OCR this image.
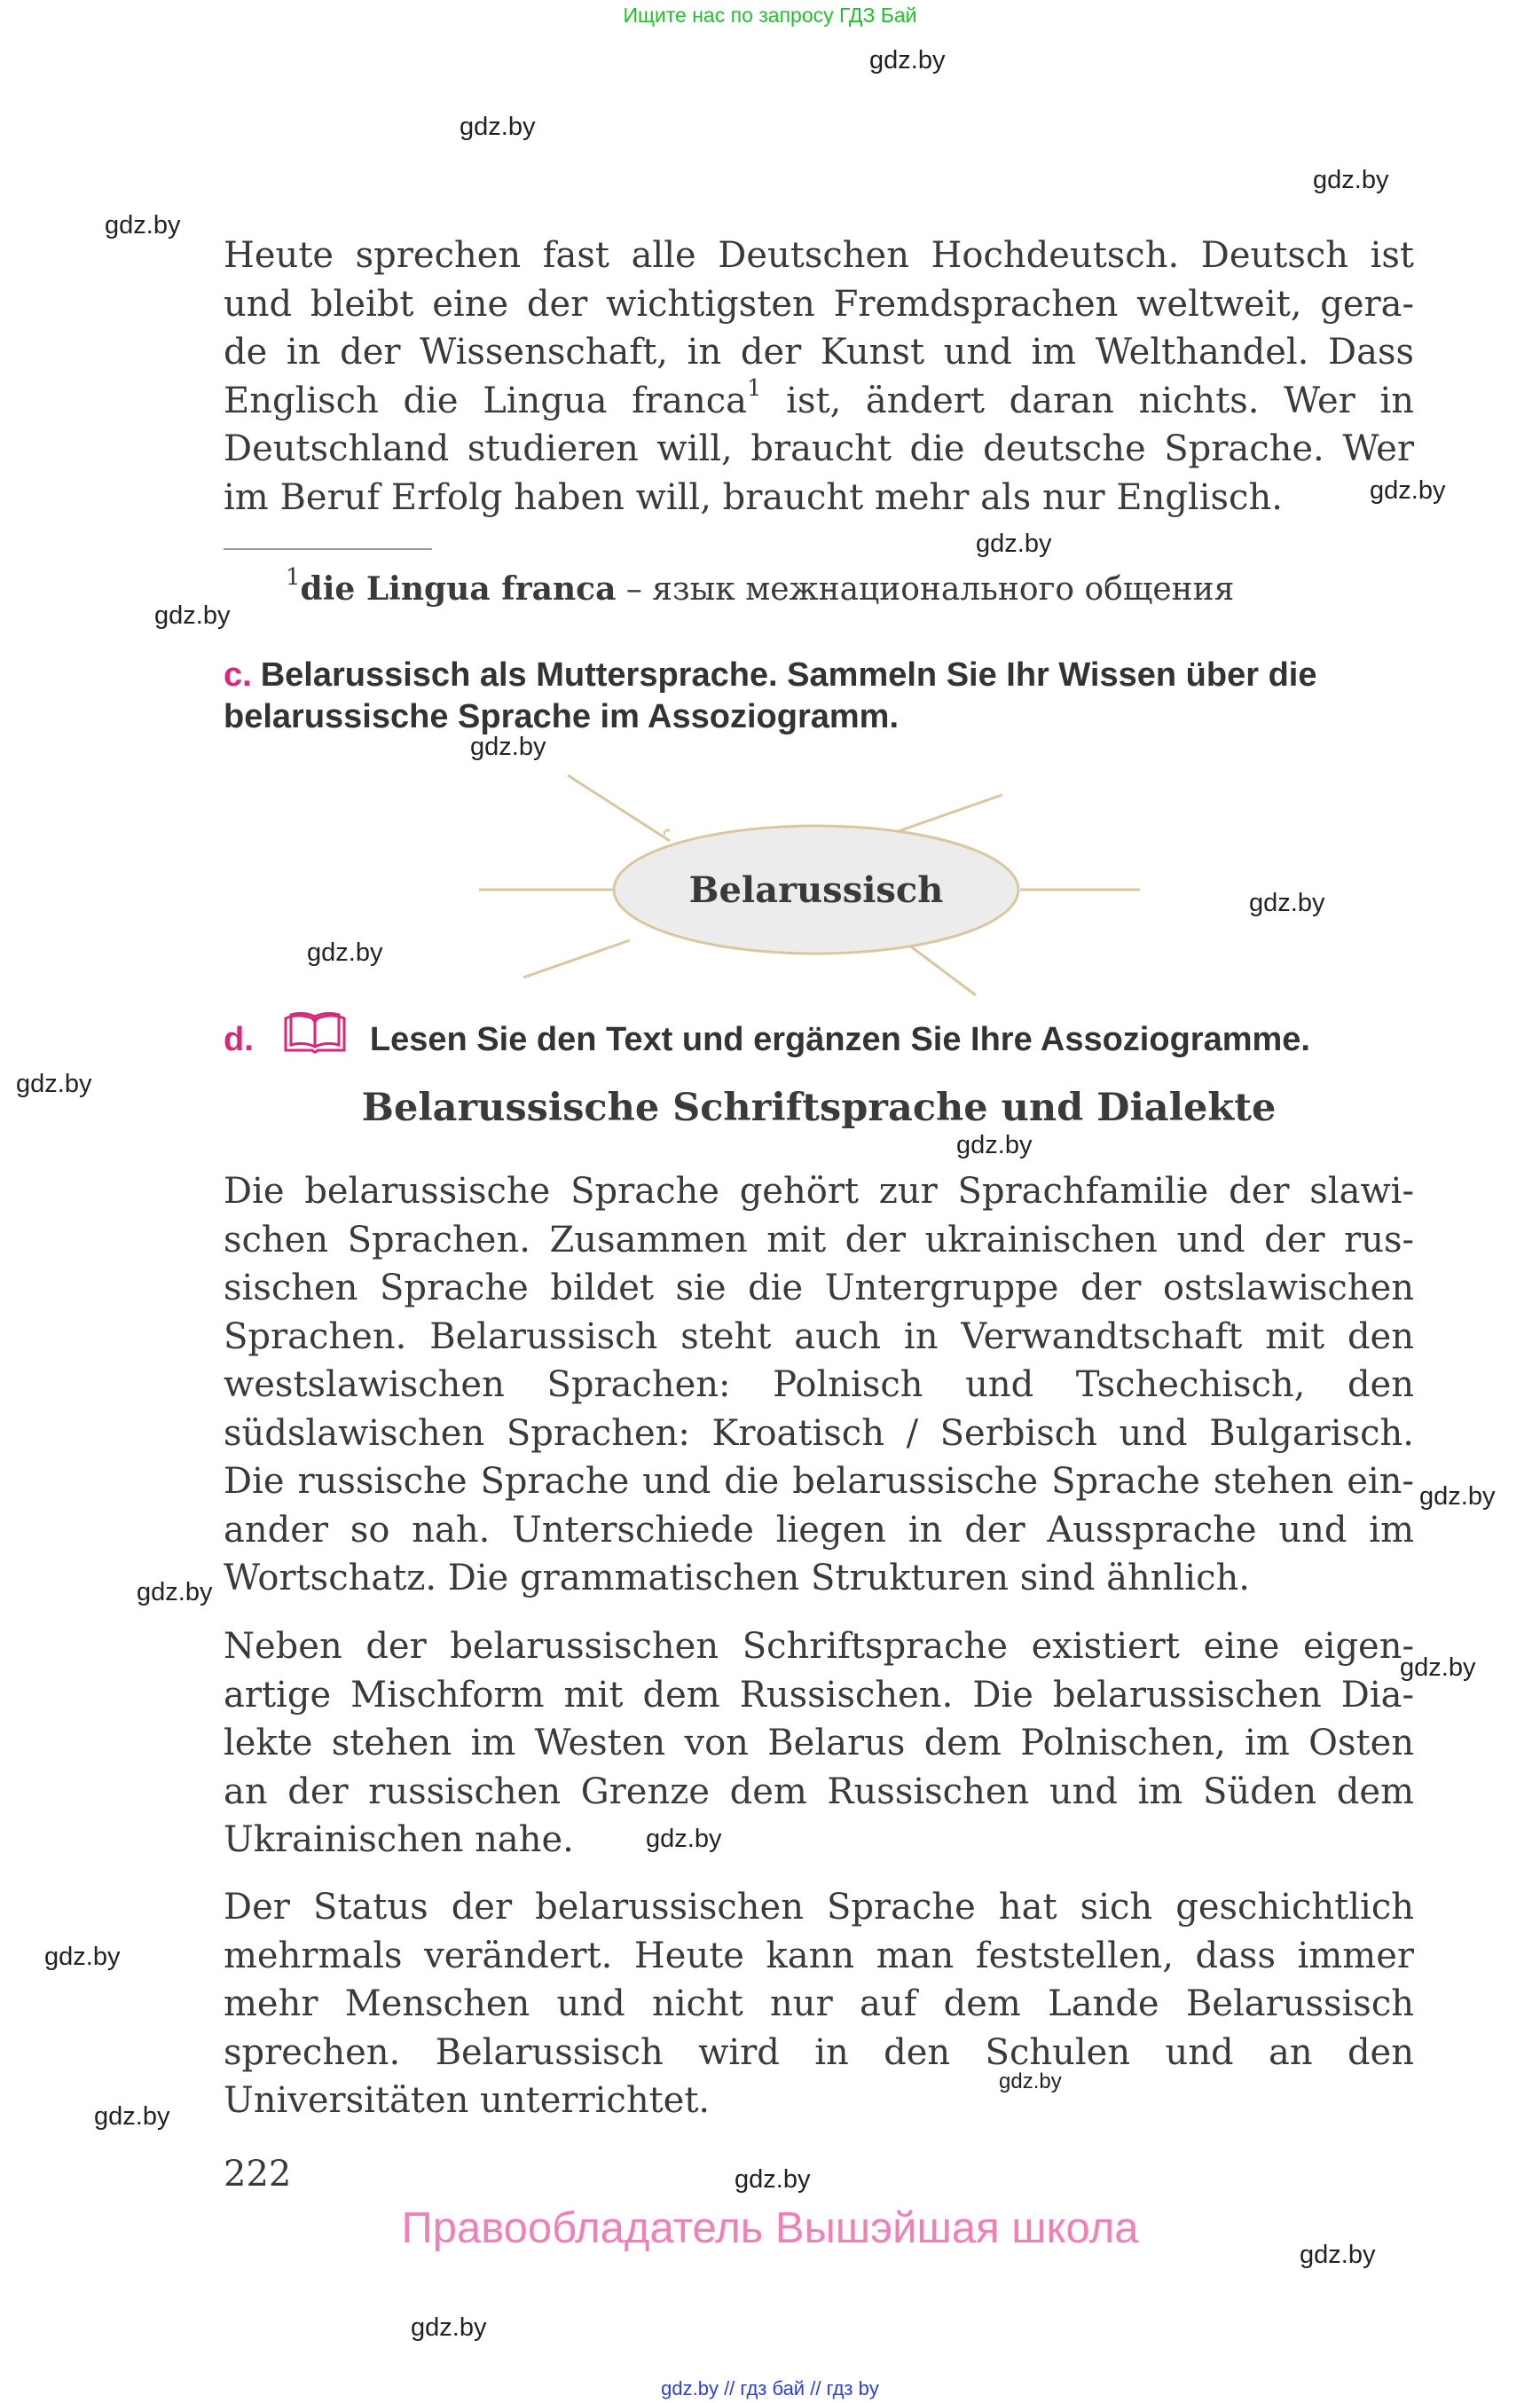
Ищите нас по запросу ГДЗ Бай
gdz.by
gdz.by
gdz.by
gdz.by
gdz.by
gdz.by
gdz.by
gdz.by
gdz.by
gdz.by
gdz.by
gdz.by
gdz.by
gdz.by
gdz.by
gdz.by
gdz.by
gdz.by
gdz.by
gdz.by
gdz.by
gdz.by
Heute sprechen fast alle Deutschen Hochdeutsch. Deutsch ist
und bleibt eine der wichtigsten Fremdsprachen weltweit, gera-
de in der Wissenschaft, in der Kunst und im Welthandel. Dass
Englisch die Lingua franca$^1$ ist, ändert daran nichts. Wer in
Deutschland studieren will, braucht die deutsche Sprache. Wer
im Beruf Erfolg haben will, braucht mehr als nur Englisch.
$^1$die Lingua franca – язык межнационального общения
c. Belarussisch als Muttersprache. Sammeln Sie Ihr Wissen über die belarussische Sprache im Assoziogramm.
Belarussisch
d.	Lesen Sie den Text und ergänzen Sie Ihre Assoziogramme.
Belarussische Schriftsprache und Dialekte
Die belarussische Sprache gehört zur Sprachfamilie der slawi-
schen Sprachen. Zusammen mit der ukrainischen und der rus-
sischen Sprache bildet sie die Untergruppe der ostslawischen
Sprachen. Belarussisch steht auch in Verwandtschaft mit den
westslawischen Sprachen: Polnisch und Tschechisch, den
südslawischen Sprachen: Kroatisch / Serbisch und Bulgarisch.
Die russische Sprache und die belarussische Sprache stehen ein-
ander so nah. Unterschiede liegen in der Aussprache und im
Wortschatz. Die grammatischen Strukturen sind ähnlich.
Neben der belarussischen Schriftsprache existiert eine eigen-
artige Mischform mit dem Russischen. Die belarussischen Dia-
lekte stehen im Westen von Belarus dem Polnischen, im Osten
an der russischen Grenze dem Russischen und im Süden dem
Ukrainischen nahe.
Der Status der belarussischen Sprache hat sich geschichtlich
mehrmals verändert. Heute kann man feststellen, dass immer
mehr Menschen und nicht nur auf dem Lande Belarussisch
sprechen. Belarussisch wird in den Schulen und an den
Universitäten unterrichtet.
222
Правообладатель Вышэйшая школа
gdz.by // гдз бай // гдз by
